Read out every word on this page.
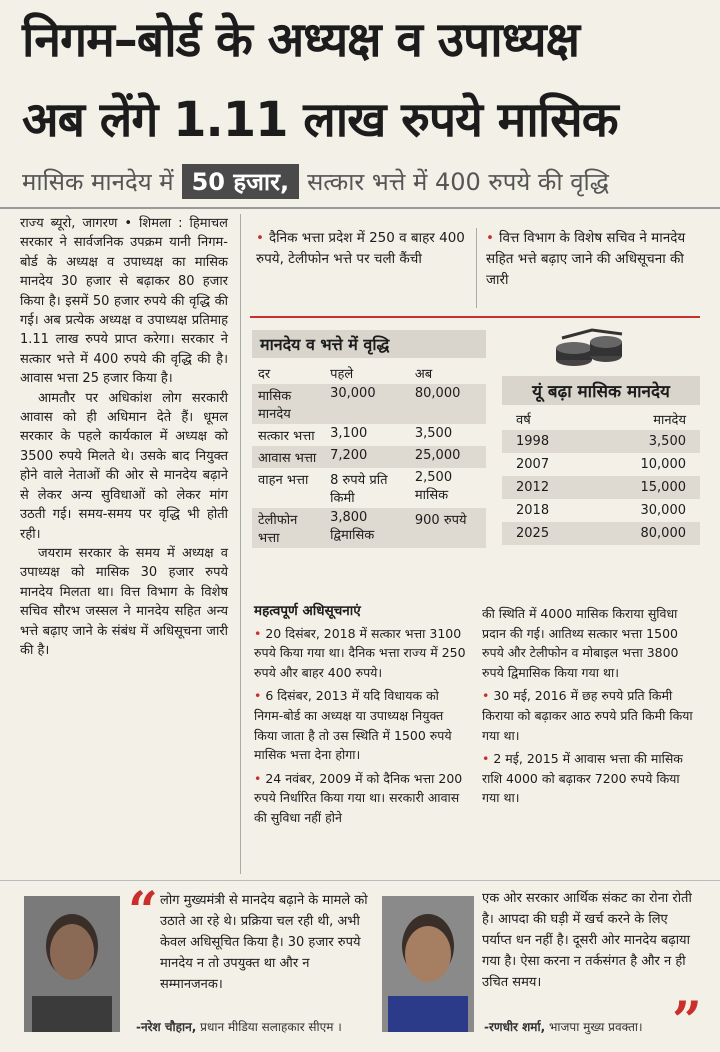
निगम–बोर्ड के अध्यक्ष व उपाध्यक्ष
अब लेंगे 1.11 लाख रुपये मासिक
मासिक मानदेय में 50 हजार, सत्कार भत्ते में 400 रुपये की वृद्धि

राज्य ब्यूरो, जागरण • शिमला : हिमाचल सरकार ने सार्वजनिक उपक्रम यानी निगम-बोर्ड के अध्यक्ष व उपाध्यक्ष का मासिक मानदेय 30 हजार से बढ़ाकर 80 हजार किया है। इसमें 50 हजार रुपये की वृद्धि की गई। अब प्रत्येक अध्यक्ष व उपाध्यक्ष प्रतिमाह 1.11 लाख रुपये प्राप्त करेगा। सरकार ने सत्कार भत्ते में 400 रुपये की वृद्धि की है। आवास भत्ता 25 हजार किया है।

आमतौर पर अधिकांश लोग सरकारी आवास को ही अधिमान देते हैं। धूमल सरकार के पहले कार्यकाल में अध्यक्ष को 3500 रुपये मिलते थे। उसके बाद नियुक्त होने वाले नेताओं की ओर से मानदेय बढ़ाने से लेकर अन्य सुविधाओं को लेकर मांग उठती गई। समय-समय पर वृद्धि भी होती रही।

जयराम सरकार के समय में अध्यक्ष व उपाध्यक्ष को मासिक 30 हजार रुपये मानदेय मिलता था। वित्त विभाग के विशेष सचिव सौरभ जस्सल ने मानदेय सहित अन्य भत्ते बढ़ाए जाने के संबंध में अधिसूचना जारी की है।

• दैनिक भत्ता प्रदेश में 250 व बाहर 400 रुपये, टेलीफोन भत्ते पर चली कैंची
• वित्त विभाग के विशेष सचिव ने मानदेय सहित भत्ते बढ़ाए जाने की अधिसूचना की जारी
मानदेय व भत्ते में वृद्धि
दर	पहले	अब
मासिक मानदेय	30,000	80,000
सत्कार भत्ता	3,100	3,500
आवास भत्ता	7,200	25,000
वाहन भत्ता	8 रुपये प्रति किमी	2,500 मासिक
टेलीफोन भत्ता	3,800 द्विमासिक	900 रुपये
यूं बढ़ा मासिक मानदेय
वर्ष	मानदेय
1998	3,500
2007	10,000
2012	15,000
2018	30,000
2025	80,000
महत्वपूर्ण अधिसूचनाएं

• 20 दिसंबर, 2018 में सत्कार भत्ता 3100 रुपये किया गया था। दैनिक भत्ता राज्य में 250 रुपये और बाहर 400 रुपये।

• 6 दिसंबर, 2013 में यदि विधायक को निगम-बोर्ड का अध्यक्ष या उपाध्यक्ष नियुक्त किया जाता है तो उस स्थिति में 1500 रुपये मासिक भत्ता देना होगा।

• 24 नवंबर, 2009 में को दैनिक भत्ता 200 रुपये निर्धारित किया गया था। सरकारी आवास की सुविधा नहीं होने

की स्थिति में 4000 मासिक किराया सुविधा प्रदान की गई। आतिथ्य सत्कार भत्ता 1500 रुपये और टेलीफोन व मोबाइल भत्ता 3800 रुपये द्विमासिक किया गया था।

• 30 मई, 2016 में छह रुपये प्रति किमी किराया को बढ़ाकर आठ रुपये प्रति किमी किया गया था।

• 2 मई, 2015 में आवास भत्ता की मासिक राशि 4000 को बढ़ाकर 7200 रुपये किया गया था।

“ लोग मुख्यमंत्री से मानदेय बढ़ाने के मामले को उठाते आ रहे थे। प्रक्रिया चल रही थी, अभी केवल अधिसूचित किया है। 30 हजार रुपये मानदेय न तो उपयुक्त था और न सम्मानजनक।
-नरेश चौहान, प्रधान मीडिया सलाहकार सीएम ।
एक ओर सरकार आर्थिक संकट का रोना रोती है। आपदा की घड़ी में खर्च करने के लिए पर्याप्त धन नहीं है। दूसरी ओर मानदेय बढ़ाया गया है। ऐसा करना न तर्कसंगत है और न ही उचित समय।
-रणधीर शर्मा, भाजपा मुख्य प्रवक्ता। ”
